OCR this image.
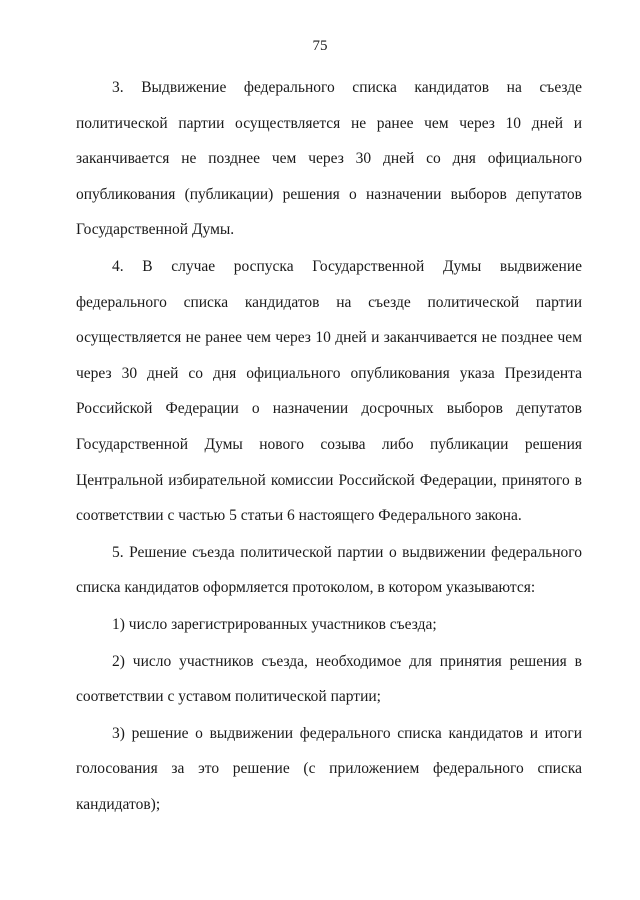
75

3. Выдвижение федерального списка кандидатов на съезде политической партии осуществляется не ранее чем через 10 дней и заканчивается не позднее чем через 30 дней со дня официального опубликования (публикации) решения о назначении выборов депутатов Государственной Думы.

4. В случае роспуска Государственной Думы выдвижение федерального списка кандидатов на съезде политической партии осуществляется не ранее чем через 10 дней и заканчивается не позднее чем через 30 дней со дня официального опубликования указа Президента Российской Федерации о назначении досрочных выборов депутатов Государственной Думы нового созыва либо публикации решения Центральной избирательной комиссии Российской Федерации, принятого в соответствии с частью 5 статьи 6 настоящего Федерального закона.

5. Решение съезда политической партии о выдвижении федерального списка кандидатов оформляется протоколом, в котором указываются:

1) число зарегистрированных участников съезда;

2) число участников съезда, необходимое для принятия решения в соответствии с уставом политической партии;

3) решение о выдвижении федерального списка кандидатов и итоги голосования за это решение (с приложением федерального списка кандидатов);
